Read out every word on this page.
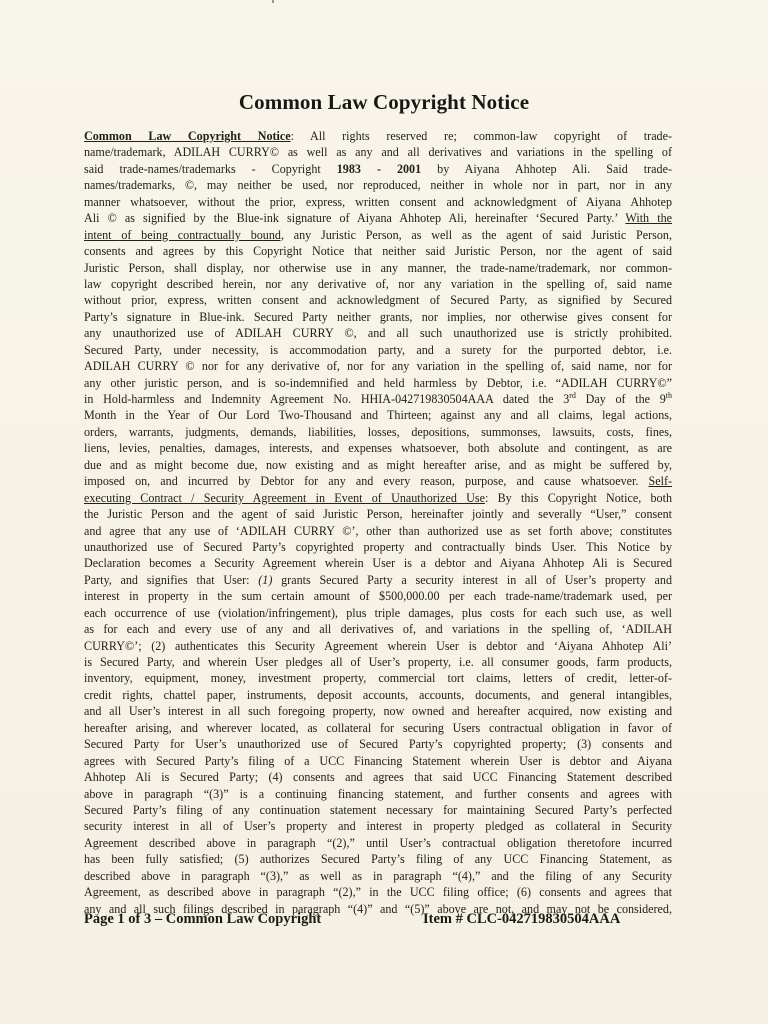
Common Law Copyright Notice
Common Law Copyright Notice: All rights reserved re; common-law copyright of trade-
name/trademark, ADILAH CURRY© as well as any and all derivatives and variations in the spelling of
said trade-names/trademarks - Copyright 1983 - 2001 by Aiyana Ahhotep Ali. Said trade-
names/trademarks, ©, may neither be used, nor reproduced, neither in whole nor in part, nor in any
manner whatsoever, without the prior, express, written consent and acknowledgment of Aiyana Ahhotep
Ali © as signified by the Blue-ink signature of Aiyana Ahhotep Ali, hereinafter ‘Secured Party.’ With the
intent of being contractually bound, any Juristic Person, as well as the agent of said Juristic Person,
consents and agrees by this Copyright Notice that neither said Juristic Person, nor the agent of said
Juristic Person, shall display, nor otherwise use in any manner, the trade-name/trademark, nor common-
law copyright described herein, nor any derivative of, nor any variation in the spelling of, said name
without prior, express, written consent and acknowledgment of Secured Party, as signified by Secured
Party’s signature in Blue-ink. Secured Party neither grants, nor implies, nor otherwise gives consent for
any unauthorized use of ADILAH CURRY ©, and all such unauthorized use is strictly prohibited.
Secured Party, under necessity, is accommodation party, and a surety for the purported debtor, i.e.
ADILAH CURRY © nor for any derivative of, nor for any variation in the spelling of, said name, nor for
any other juristic person, and is so-indemnified and held harmless by Debtor, i.e. “ADILAH CURRY©”
in Hold-harmless and Indemnity Agreement No. HHIA-042719830504AAA dated the 3rd Day of the 9th
Month in the Year of Our Lord Two-Thousand and Thirteen; against any and all claims, legal actions,
orders, warrants, judgments, demands, liabilities, losses, depositions, summonses, lawsuits, costs, fines,
liens, levies, penalties, damages, interests, and expenses whatsoever, both absolute and contingent, as are
due and as might become due, now existing and as might hereafter arise, and as might be suffered by,
imposed on, and incurred by Debtor for any and every reason, purpose, and cause whatsoever. Self-
executing Contract / Security Agreement in Event of Unauthorized Use: By this Copyright Notice, both
the Juristic Person and the agent of said Juristic Person, hereinafter jointly and severally “User,” consent
and agree that any use of ‘ADILAH CURRY ©’, other than authorized use as set forth above; constitutes
unauthorized use of Secured Party’s copyrighted property and contractually binds User. This Notice by
Declaration becomes a Security Agreement wherein User is a debtor and Aiyana Ahhotep Ali is Secured
Party, and signifies that User: (1) grants Secured Party a security interest in all of User’s property and
interest in property in the sum certain amount of $500,000.00 per each trade-name/trademark used, per
each occurrence of use (violation/infringement), plus triple damages, plus costs for each such use, as well
as for each and every use of any and all derivatives of, and variations in the spelling of, ‘ADILAH
CURRY©’; (2) authenticates this Security Agreement wherein User is debtor and ‘Aiyana Ahhotep Ali’
is Secured Party, and wherein User pledges all of User’s property, i.e. all consumer goods, farm products,
inventory, equipment, money, investment property, commercial tort claims, letters of credit, letter-of-
credit rights, chattel paper, instruments, deposit accounts, accounts, documents, and general intangibles,
and all User’s interest in all such foregoing property, now owned and hereafter acquired, now existing and
hereafter arising, and wherever located, as collateral for securing Users contractual obligation in favor of
Secured Party for User’s unauthorized use of Secured Party’s copyrighted property; (3) consents and
agrees with Secured Party’s filing of a UCC Financing Statement wherein User is debtor and Aiyana
Ahhotep Ali is Secured Party; (4) consents and agrees that said UCC Financing Statement described
above in paragraph “(3)” is a continuing financing statement, and further consents and agrees with
Secured Party’s filing of any continuation statement necessary for maintaining Secured Party’s perfected
security interest in all of User’s property and interest in property pledged as collateral in Security
Agreement described above in paragraph “(2),” until User’s contractual obligation theretofore incurred
has been fully satisfied; (5) authorizes Secured Party’s filing of any UCC Financing Statement, as
described above in paragraph “(3),” as well as in paragraph “(4),” and the filing of any Security
Agreement, as described above in paragraph “(2),” in the UCC filing office; (6) consents and agrees that
any and all such filings described in paragraph “(4)” and “(5)” above are not, and may not be considered,
Page 1 of 3 – Common Law Copyright	Item # CLC-042719830504AAA
